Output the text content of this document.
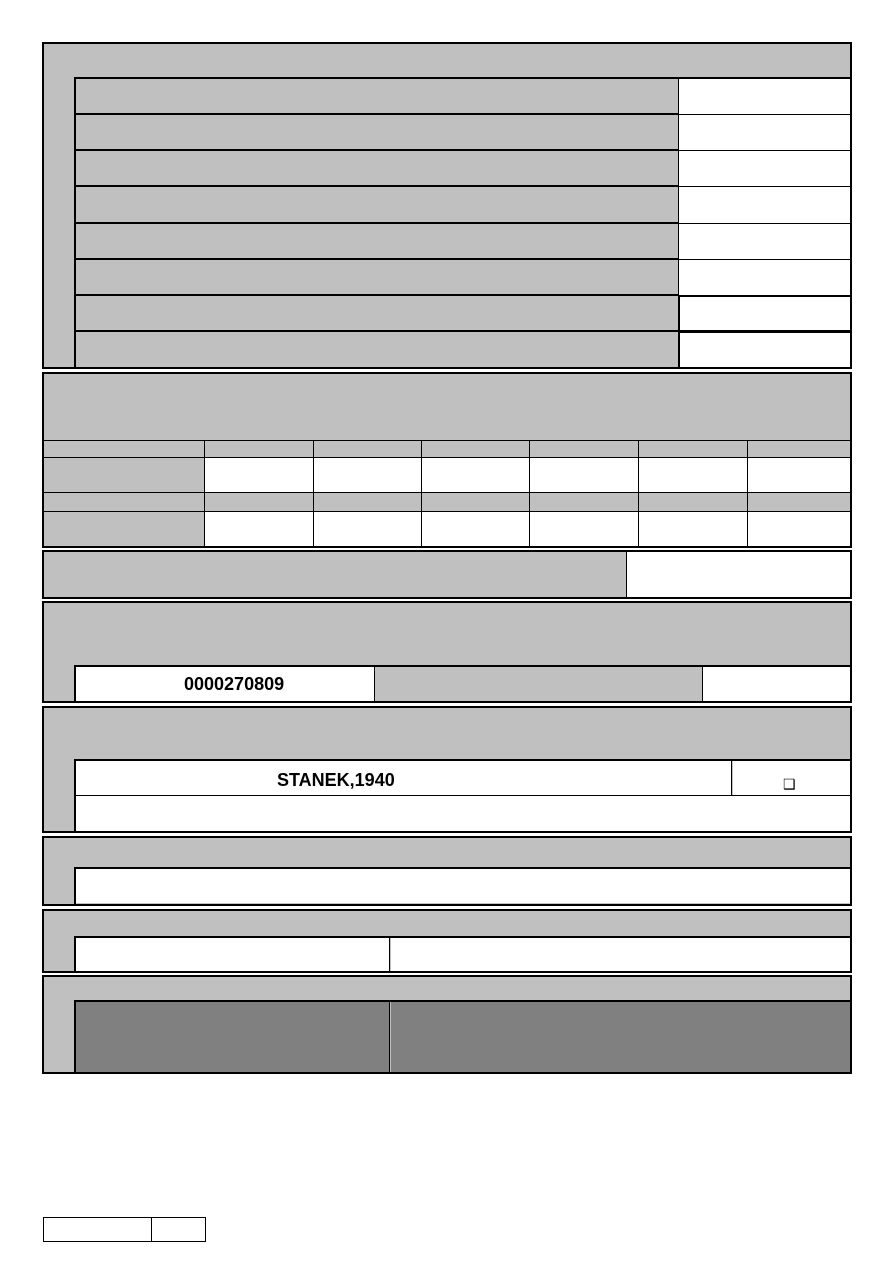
0000270809
STANEK,1940	❑
